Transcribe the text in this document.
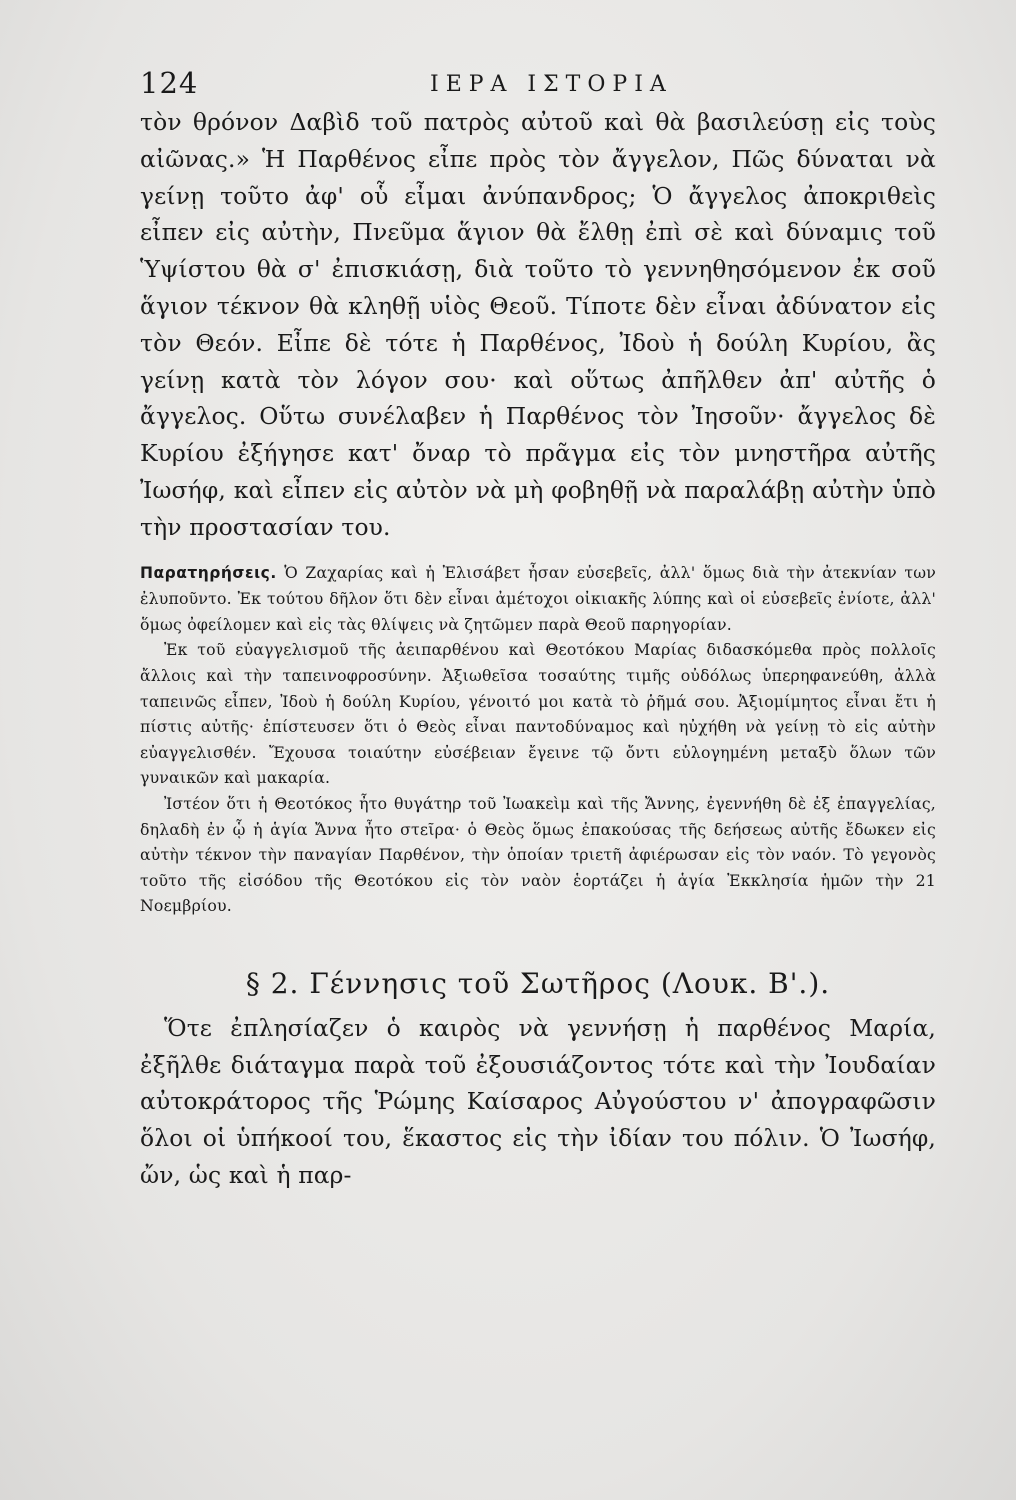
124	ΙΕΡΑ ΙΣΤΟΡΙΑ

τὸν θρόνον Δαβὶδ τοῦ πατρὸς αὐτοῦ καὶ θὰ βασιλεύσῃ εἰς τοὺς αἰῶνας.» Ἡ Παρθένος εἶπε πρὸς τὸν ἄγγελον, Πῶς δύναται νὰ γείνῃ τοῦτο ἀφ' οὗ εἶμαι ἀνύπανδρος; Ὁ ἄγγελος ἀποκριθεὶς εἶπεν εἰς αὐτὴν, Πνεῦμα ἅγιον θὰ ἔλθῃ ἐπὶ σὲ καὶ δύναμις τοῦ Ὑψίστου θὰ σ' ἐπισκιάσῃ, διὰ τοῦτο τὸ γεννηθησόμενον ἐκ σοῦ ἅγιον τέκνον θὰ κληθῇ υἱὸς Θεοῦ. Τίποτε δὲν εἶναι ἀδύνατον εἰς τὸν Θεόν. Εἶπε δὲ τότε ἡ Παρθένος, Ἰδοὺ ἡ δούλη Κυρίου, ἂς γείνῃ κατὰ τὸν λόγον σου· καὶ οὕτως ἀπῆλθεν ἀπ' αὐτῆς ὁ ἄγγελος. Οὕτω συνέλαβεν ἡ Παρθένος τὸν Ἰησοῦν· ἄγγελος δὲ Κυρίου ἐξήγησε κατ' ὄναρ τὸ πρᾶγμα εἰς τὸν μνηστῆρα αὐτῆς Ἰωσήφ, καὶ εἶπεν εἰς αὐτὸν νὰ μὴ φοβηθῇ νὰ παραλάβῃ αὐτὴν ὑπὸ τὴν προστασίαν του.

Παρατηρήσεις. Ὁ Ζαχαρίας καὶ ἡ Ἐλισάβετ ἦσαν εὐσεβεῖς, ἀλλ' ὅμως διὰ τὴν ἀτεκνίαν των ἐλυποῦντο. Ἐκ τούτου δῆλον ὅτι δὲν εἶναι ἀμέτοχοι οἰκιακῆς λύπης καὶ οἱ εὐσεβεῖς ἐνίοτε, ἀλλ' ὅμως ὀφείλομεν καὶ εἰς τὰς θλίψεις νὰ ζητῶμεν παρὰ Θεοῦ παρηγορίαν.

Ἐκ τοῦ εὐαγγελισμοῦ τῆς ἀειπαρθένου καὶ Θεοτόκου Μαρίας διδασκόμεθα πρὸς πολλοῖς ἄλλοις καὶ τὴν ταπεινοφροσύνην. Ἀξιωθεῖσα τοσαύτης τιμῆς οὐδόλως ὑπερηφανεύθη, ἀλλὰ ταπεινῶς εἶπεν, Ἰδοὺ ἡ δούλη Κυρίου, γένοιτό μοι κατὰ τὸ ῥῆμά σου. Ἀξιομίμητος εἶναι ἔτι ἡ πίστις αὐτῆς· ἐπίστευσεν ὅτι ὁ Θεὸς εἶναι παντοδύναμος καὶ ηὐχήθη νὰ γείνῃ τὸ εἰς αὐτὴν εὐαγγελισθέν. Ἔχουσα τοιαύτην εὐσέβειαν ἔγεινε τῷ ὄντι εὐλογημένη μεταξὺ ὅλων τῶν γυναικῶν καὶ μακαρία.

Ἰστέον ὅτι ἡ Θεοτόκος ἦτο θυγάτηρ τοῦ Ἰωακεὶμ καὶ τῆς Ἄννης, ἐγεννήθη δὲ ἐξ ἐπαγγελίας, δηλαδὴ ἐν ᾧ ἡ ἁγία Ἄννα ἦτο στεῖρα· ὁ Θεὸς ὅμως ἐπακούσας τῆς δεήσεως αὐτῆς ἔδωκεν εἰς αὐτὴν τέκνον τὴν παναγίαν Παρθένον, τὴν ὁποίαν τριετῆ ἀφιέρωσαν εἰς τὸν ναόν. Τὸ γεγονὸς τοῦτο τῆς εἰσόδου τῆς Θεοτόκου εἰς τὸν ναὸν ἑορτάζει ἡ ἁγία Ἐκκλησία ἡμῶν τὴν 21 Νοεμβρίου.

§ 2. Γέννησις τοῦ Σωτῆρος (Λουκ. Β'.).

Ὅτε ἐπλησίαζεν ὁ καιρὸς νὰ γεννήσῃ ἡ παρθένος Μαρία, ἐξῆλθε διάταγμα παρὰ τοῦ ἐξουσιάζοντος τότε καὶ τὴν Ἰουδαίαν αὐτοκράτορος τῆς Ῥώμης Καίσαρος Αὐγούστου ν' ἀπογραφῶσιν ὅλοι οἱ ὑπήκοοί του, ἕκαστος εἰς τὴν ἰδίαν του πόλιν. Ὁ Ἰωσήφ, ὤν, ὡς καὶ ἡ παρ-
